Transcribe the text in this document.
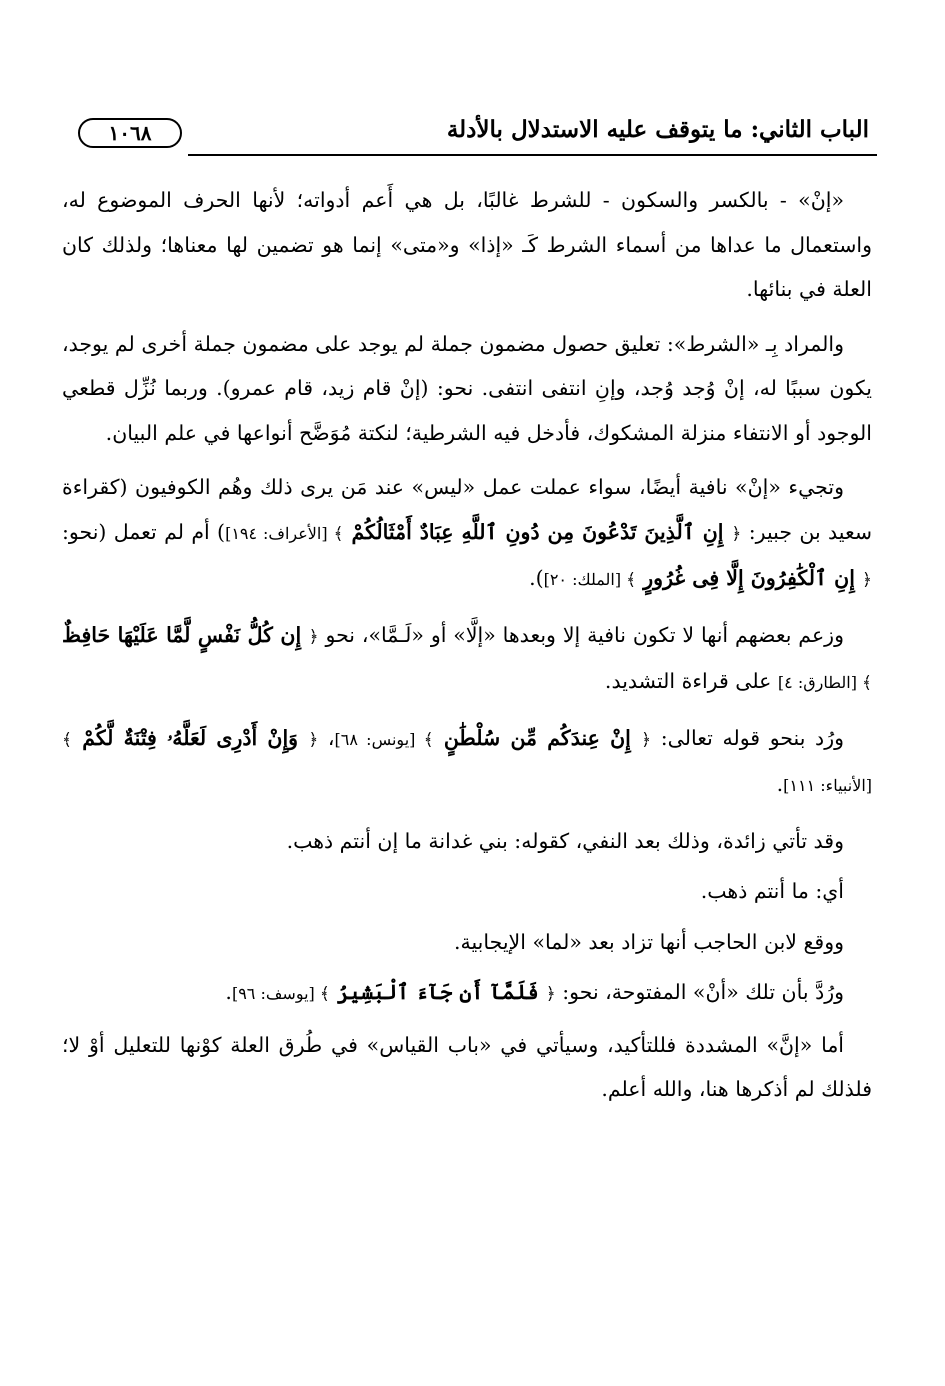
١٠٦٨	الباب الثاني: ما يتوقف عليه الاستدلال بالأدلة

«إنْ» - بالكسر والسكون - للشرط غالبًا، بل هي أَعم أدواته؛ لأنها الحرف الموضوع له، واستعمال ما عداها من أسماء الشرط كَـ «إذا» و«متى» إنما هو تضمين لها معناها؛ ولذلك كان العلة في بنائها.

والمراد بِـ «الشرط»: تعليق حصول مضمون جملة لم يوجد على مضمون جملة أخرى لم يوجد، يكون سببًا له، إنْ وُجد وُجد، وإنِ انتفى انتفى. نحو: (إنْ قام زيد، قام عمرو). وربما نُزِّل قطعي الوجود أو الانتفاء منزلة المشكوك، فأدخل فيه الشرطية؛ لنكتة مُوَضَّح أنواعها في علم البيان.

وتجيء «إنْ» نافية أيضًا، سواء عملت عمل «ليس» عند مَن يرى ذلك وهُم الكوفيون (كقراءة سعيد بن جبير: ﴿ إِنِ ٱلَّذِينَ تَدْعُونَ مِن دُونِ ٱللَّهِ عِبَادٌ أَمْثَالُكُمْ ﴾ [الأعراف: ١٩٤]) أم لم تعمل (نحو: ﴿ إِنِ ٱلْكَٰفِرُونَ إِلَّا فِى غُرُورٍ ﴾ [الملك: ٢٠]).

وزعم بعضهم أنها لا تكون نافية إلا وبعدها «إلَّا» أو «لَـمَّا»، نحو ﴿ إِن كُلُّ نَفْسٍ لَّمَّا عَلَيْهَا حَافِظٌ ﴾ [الطارق: ٤] على قراءة التشديد.

ورُد بنحو قوله تعالى: ﴿ إِنْ عِندَكُم مِّن سُلْطَٰنٍ ﴾ [يونس: ٦٨]، ﴿ وَإِنْ أَدْرِى لَعَلَّهُۥ فِتْنَةٌ لَّكُمْ ﴾ [الأنبياء: ١١١].

وقد تأتي زائدة، وذلك بعد النفي، كقوله: بني غدانة ما إن أنتم ذهب.

أي: ما أنتم ذهب.

ووقع لابن الحاجب أنها تزاد بعد «لما» الإيجابية.

ورُدَّ بأن تلك «أنْ» المفتوحة، نحو: ﴿ فَلَمَّآ أَن جَآءَ ٱلْبَشِيرُ ﴾ [يوسف: ٩٦].

أما «إنَّ» المشددة فللتأكيد، وسيأتي في «باب القياس» في طُرق العلة كوْنها للتعليل أوْ لا؛ فلذلك لم أذكرها هنا، والله أعلم.
